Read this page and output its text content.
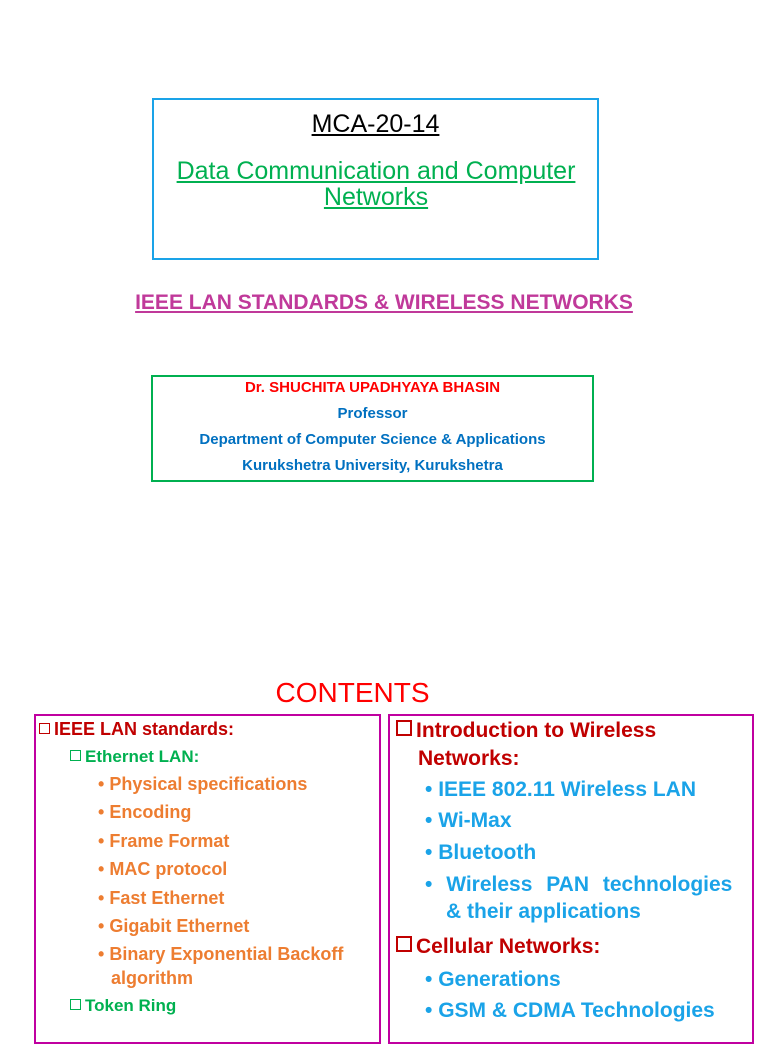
MCA-20-14
Data Communication and Computer
Networks
IEEE LAN STANDARDS & WIRELESS NETWORKS
Dr. SHUCHITA UPADHYAYA BHASIN
Professor
Department of Computer Science & Applications
Kurukshetra University, Kurukshetra
CONTENTS
IEEE LAN standards:
Ethernet LAN:
• Physical specifications
• Encoding
• Frame Format
• MAC protocol
• Fast Ethernet
• Gigabit Ethernet
• Binary Exponential Backoff
algorithm
Token Ring
Introduction to Wireless
Networks:
• IEEE 802.11 Wireless LAN
• Wi-Max
• Bluetooth
• Wireless PAN technologies
& their applications
Cellular Networks:
• Generations
• GSM & CDMA Technologies
